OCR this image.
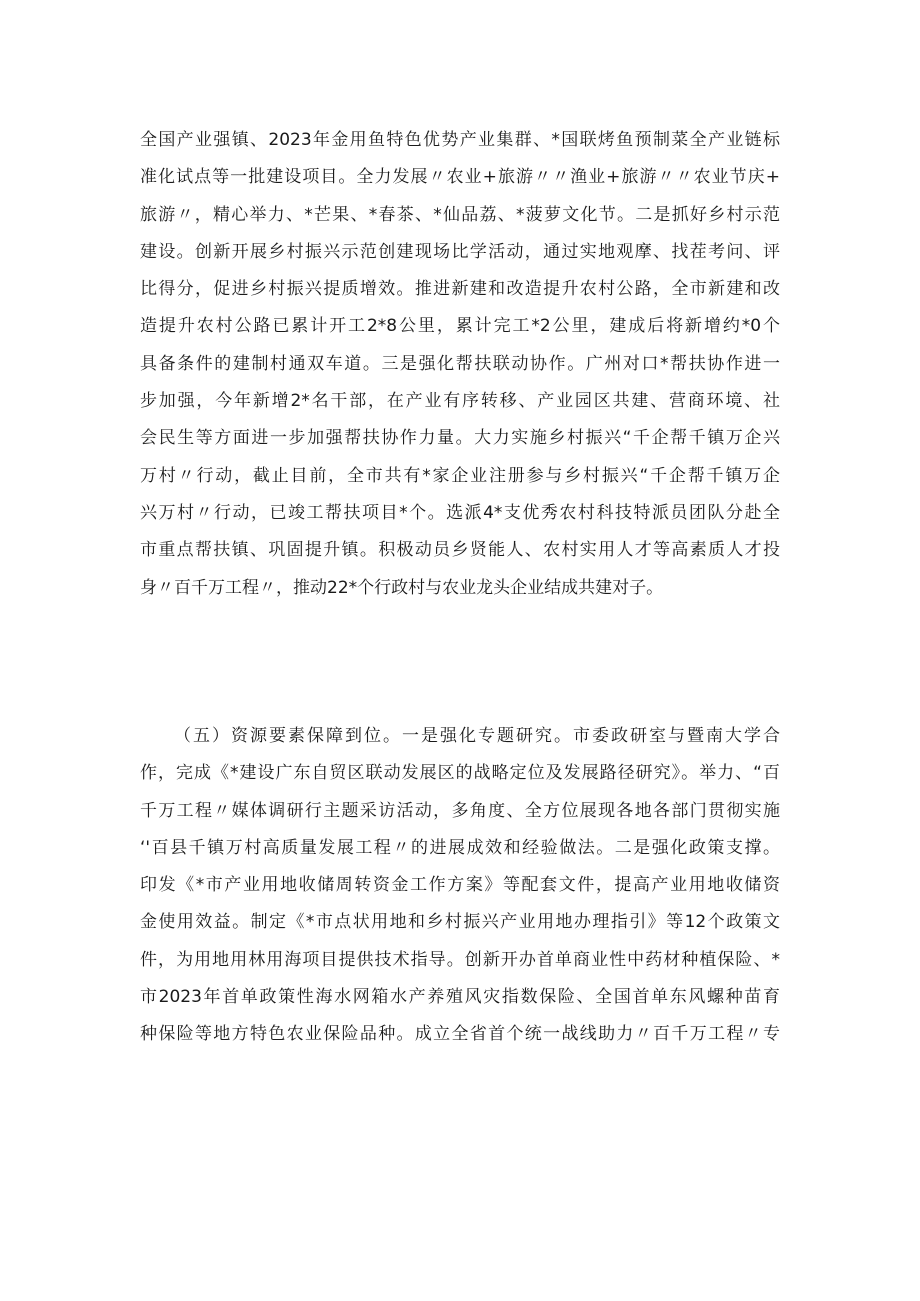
全国产业强镇、2023年金用鱼特色优势产业集群、*国联烤鱼预制菜全产业链标
准化试点等一批建设项目。全力发展〃农业+旅游〃〃渔业+旅游〃〃农业节庆+
旅游〃，精心举力、*芒果、*春茶、*仙品荔、*菠萝文化节。二是抓好乡村示范
建设。创新开展乡村振兴示范创建现场比学活动，通过实地观摩、找茬考问、评
比得分，促进乡村振兴提质增效。推进新建和改造提升农村公路，全市新建和改
造提升农村公路已累计开工2*8公里，累计完工*2公里，建成后将新增约*0个
具备条件的建制村通双车道。三是强化帮扶联动协作。广州对口*帮扶协作进一
步加强，今年新增2*名干部，在产业有序转移、产业园区共建、营商环境、社
会民生等方面进一步加强帮扶协作力量。大力实施乡村振兴“千企帮千镇万企兴
万村〃行动，截止目前，全市共有*家企业注册参与乡村振兴“千企帮千镇万企
兴万村〃行动，已竣工帮扶项目*个。选派4*支优秀农村科技特派员团队分赴全
市重点帮扶镇、巩固提升镇。积极动员乡贤能人、农村实用人才等高素质人才投
身〃百千万工程〃，推动22*个行政村与农业龙头企业结成共建对子。
（五）资源要素保障到位。一是强化专题研究。市委政研室与暨南大学合
作，完成《*建设广东自贸区联动发展区的战略定位及发展路径研究》。举力、“百
千万工程〃媒体调研行主题采访活动，多角度、全方位展现各地各部门贯彻实施
‘'百县千镇万村高质量发展工程〃的进展成效和经验做法。二是强化政策支撑。
印发《*市产业用地收储周转资金工作方案》等配套文件，提高产业用地收储资
金使用效益。制定《*市点状用地和乡村振兴产业用地办理指引》等12个政策文
件，为用地用林用海项目提供技术指导。创新开办首单商业性中药材种植保险、*
市2023年首单政策性海水网箱水产养殖风灾指数保险、全国首单东风螺种苗育
种保险等地方特色农业保险品种。成立全省首个统一战线助力〃百千万工程〃专
